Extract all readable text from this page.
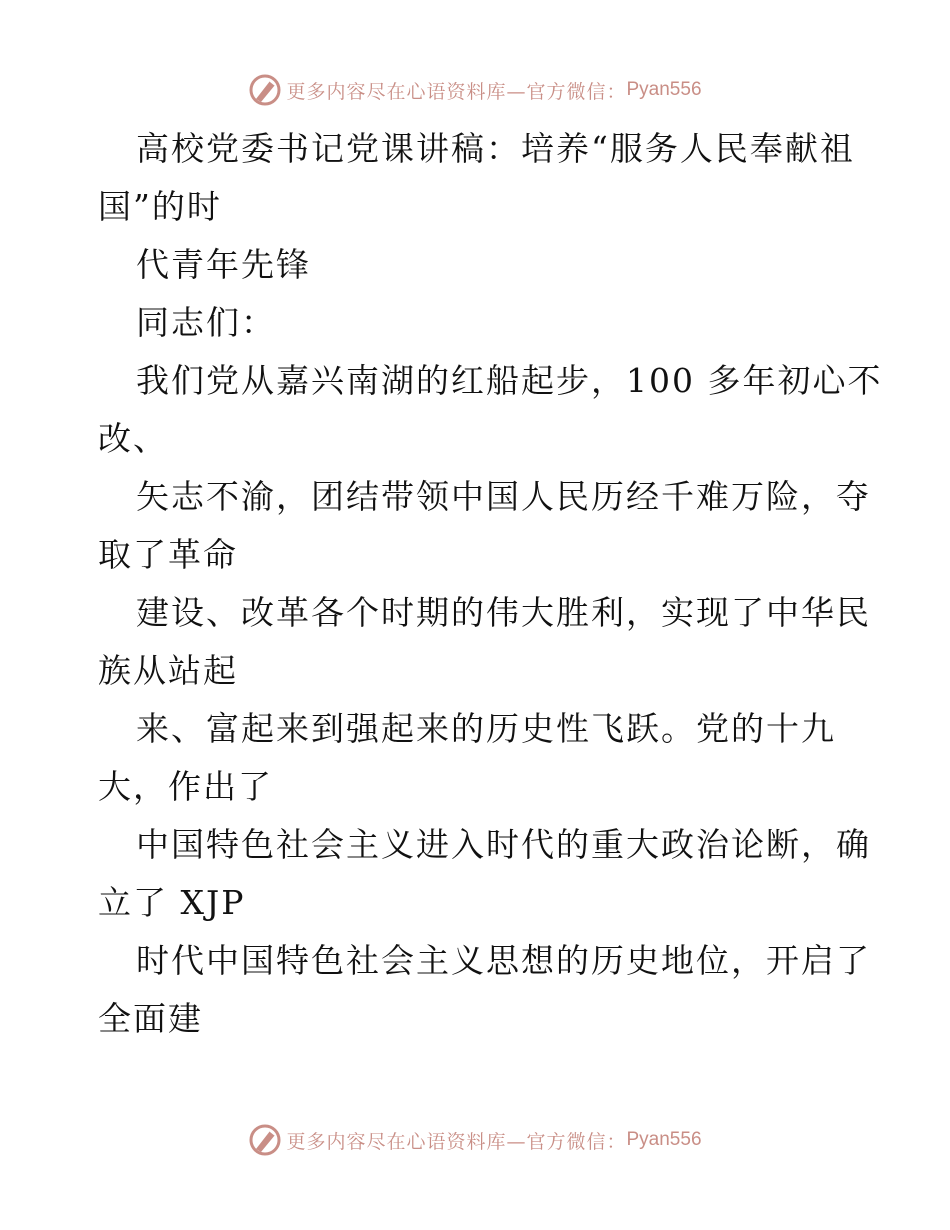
更多内容尽在心语资料库—官方微信： Pyan556
高校党委书记党课讲稿：培养“服务人民奉献祖
国”的时
代青年先锋
同志们：
我们党从嘉兴南湖的红船起步，100 多年初心不
改、
矢志不渝，团结带领中国人民历经千难万险，夺
取了革命
建设、改革各个时期的伟大胜利，实现了中华民
族从站起
来、富起来到强起来的历史性飞跃。党的十九
大，作出了
中国特色社会主义进入时代的重大政治论断，确
立了 XJP
时代中国特色社会主义思想的历史地位，开启了
全面建
更多内容尽在心语资料库—官方微信： Pyan556
